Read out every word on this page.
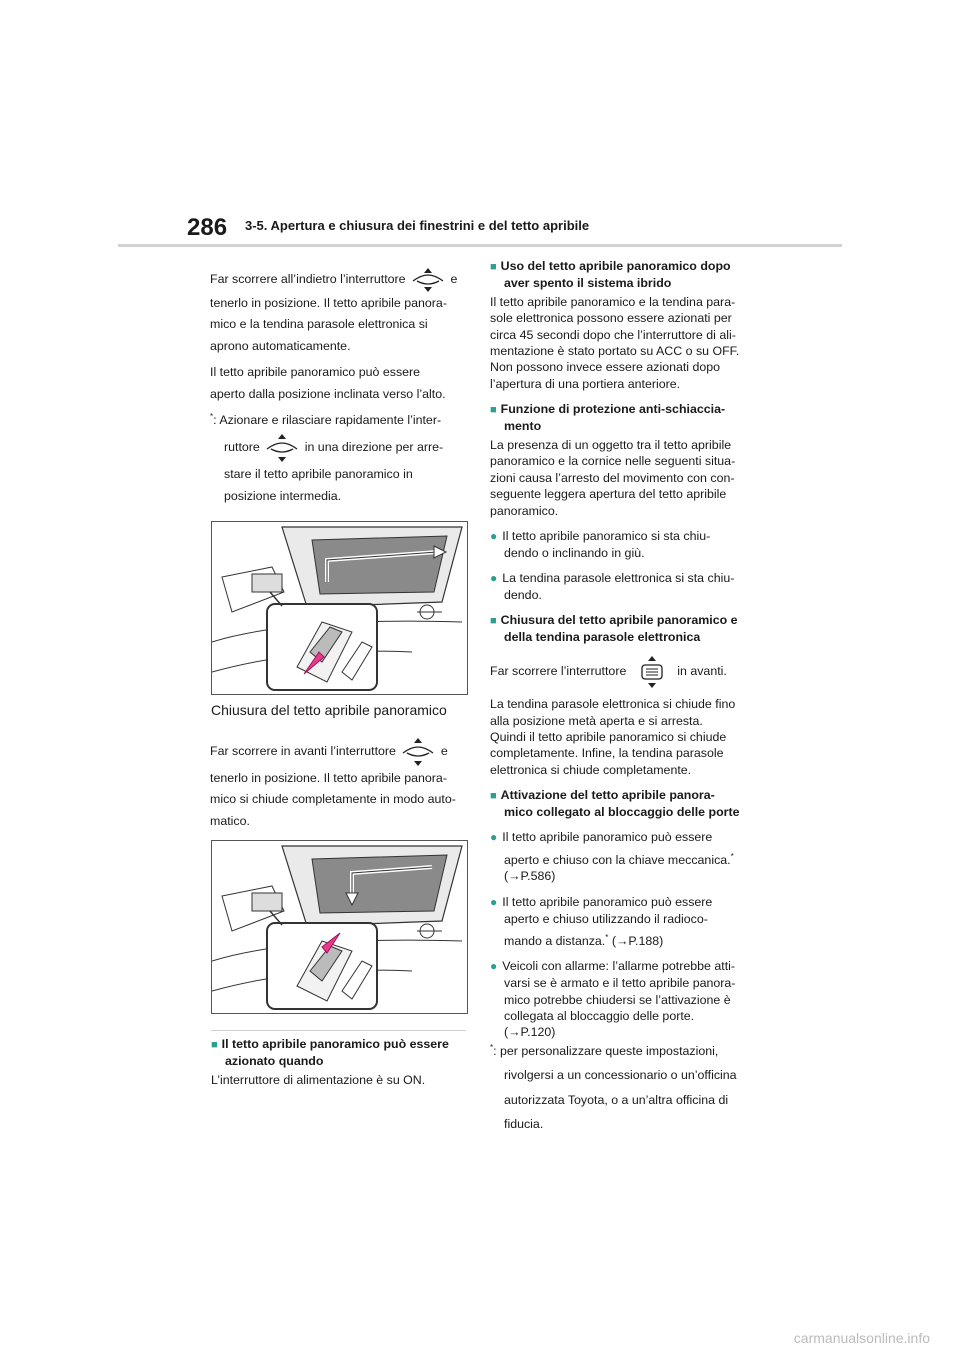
286 3-5. Apertura e chiusura dei finestrini e del tetto apribile
Far scorrere all’indietro l’interruttore	e

tenerlo in posizione. Il tetto apribile panora-

mico e la tendina parasole elettronica si

aprono automaticamente.

Il tetto apribile panoramico può essere

aperto dalla posizione inclinata verso l’alto.

*: Azionare e rilasciare rapidamente l’inter-

ruttore	in una direzione per arre-

stare il tetto apribile panoramico in

posizione intermedia.

Chiusura del tetto apribile panoramico
Far scorrere in avanti l’interruttore	e

tenerlo in posizione. Il tetto apribile panora-

mico si chiude completamente in modo auto-

matico.

■ Il tetto apribile panoramico può essere

azionato quando

L’interruttore di alimentazione è su ON.

■ Uso del tetto apribile panoramico dopo

aver spento il sistema ibrido

Il tetto apribile panoramico e la tendina para-

sole elettronica possono essere azionati per

circa 45 secondi dopo che l’interruttore di ali-

mentazione è stato portato su ACC o su OFF.

Non possono invece essere azionati dopo

l’apertura di una portiera anteriore.

■ Funzione di protezione anti-schiaccia-

mento

La presenza di un oggetto tra il tetto apribile

panoramico e la cornice nelle seguenti situa-

zioni causa l’arresto del movimento con con-

seguente leggera apertura del tetto apribile

panoramico.

● Il tetto apribile panoramico si sta chiu-

dendo o inclinando in giù.

● La tendina parasole elettronica si sta chiu-

dendo.

■ Chiusura del tetto apribile panoramico e

della tendina parasole elettronica

Far scorrere l’interruttore	in avanti.

La tendina parasole elettronica si chiude fino

alla posizione metà aperta e si arresta.

Quindi il tetto apribile panoramico si chiude

completamente. Infine, la tendina parasole

elettronica si chiude completamente.

■ Attivazione del tetto apribile panora-

mico collegato al bloccaggio delle porte

● Il tetto apribile panoramico può essere

aperto e chiuso con la chiave meccanica.*

(→P.586)

● Il tetto apribile panoramico può essere

aperto e chiuso utilizzando il radioco-

mando a distanza.* (→P.188)

● Veicoli con allarme: l’allarme potrebbe atti-

varsi se è armato e il tetto apribile panora-

mico potrebbe chiudersi se l’attivazione è

collegata al bloccaggio delle porte.

(→P.120)

*: per personalizzare queste impostazioni,

rivolgersi a un concessionario o un’officina

autorizzata Toyota, o a un’altra officina di

fiducia.

carmanualsonline.info
